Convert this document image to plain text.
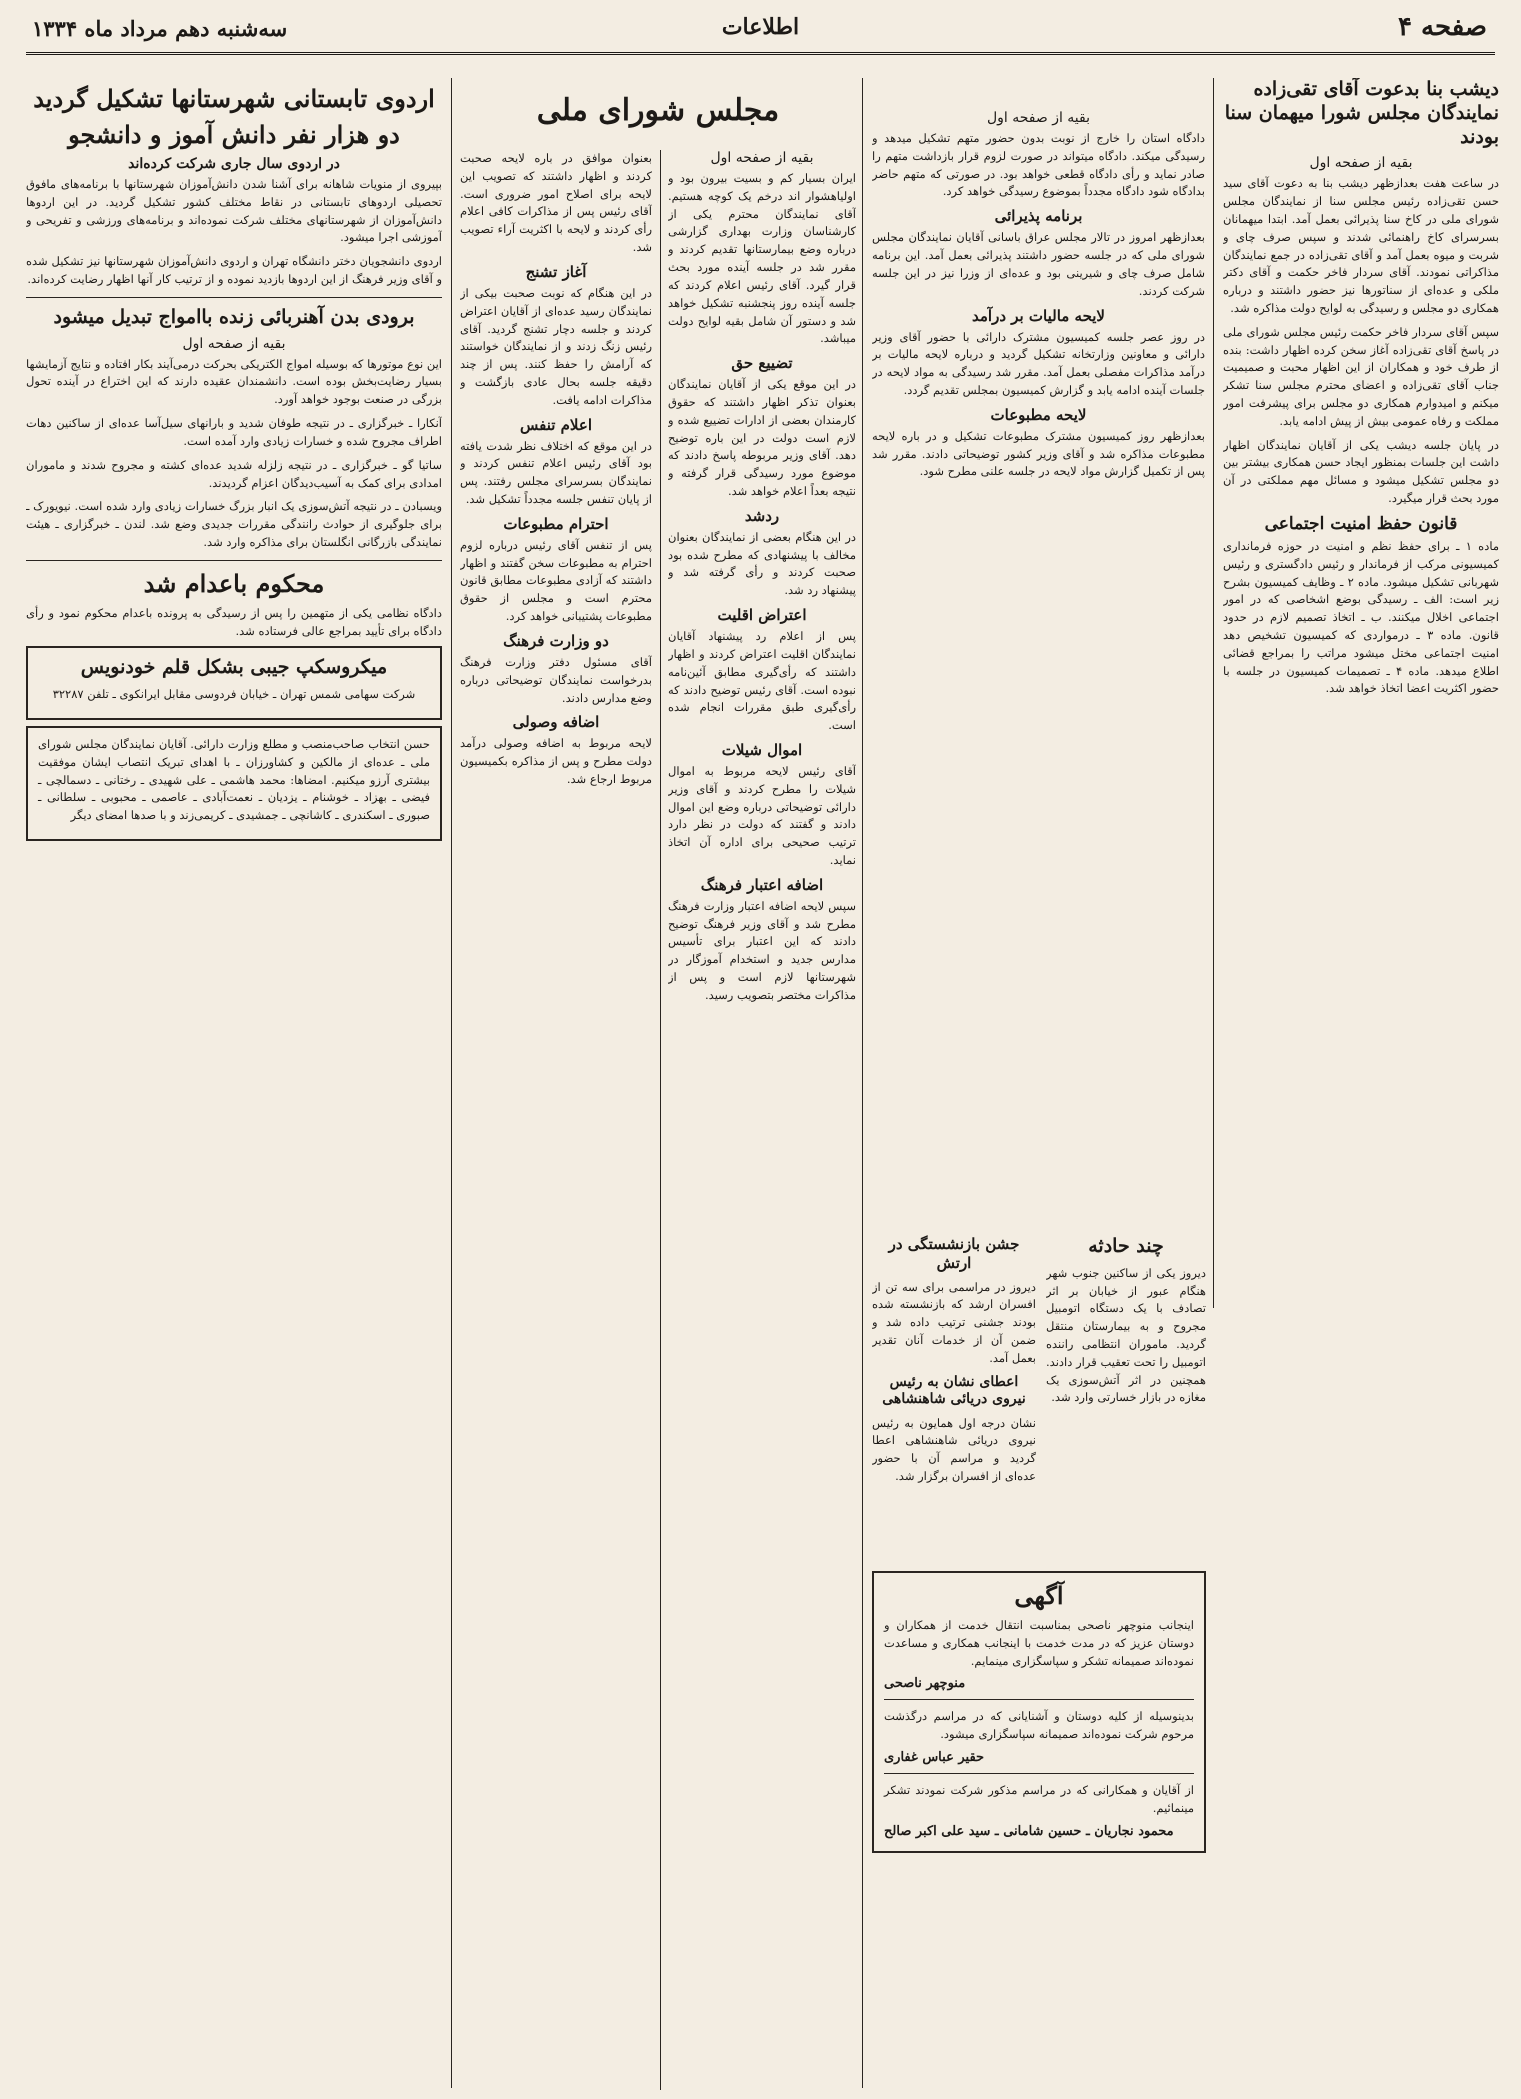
صفحه ۴
اطلاعات
سه‌شنبه دهم مرداد ماه ۱۳۳۴
دیشب بنا بدعوت آقای تقی‌زاده نمایندگان مجلس شورا میهمان سنا بودند
بقیه از صفحه اول
در ساعت هفت بعدازظهر دیشب بنا به دعوت آقای سید حسن تقی‌زاده رئیس مجلس سنا از نمایندگان مجلس شورای ملی در کاخ سنا پذیرائی بعمل آمد. ابتدا میهمانان بسرسرای کاخ راهنمائی شدند و سپس صرف چای و شربت و میوه بعمل آمد و آقای تقی‌زاده در جمع نمایندگان مذاکراتی نمودند. آقای سردار فاخر حکمت و آقای دکتر ملکی و عده‌ای از سناتورها نیز حضور داشتند و درباره همکاری دو مجلس و رسیدگی به لوایح دولت مذاکره شد.
سپس آقای سردار فاخر حکمت رئیس مجلس شورای ملی در پاسخ آقای تقی‌زاده آغاز سخن کرده اظهار داشت: بنده از طرف خود و همکاران از این اظهار محبت و صمیمیت جناب آقای تقی‌زاده و اعضای محترم مجلس سنا تشکر میکنم و امیدوارم همکاری دو مجلس برای پیشرفت امور مملکت و رفاه عمومی بیش از پیش ادامه یابد.
در پایان جلسه دیشب یکی از آقایان نمایندگان اظهار داشت این جلسات بمنظور ایجاد حسن همکاری بیشتر بین دو مجلس تشکیل میشود و مسائل مهم مملکتی در آن مورد بحث قرار میگیرد.
قانون حفظ امنیت اجتماعی
ماده ۱ ـ برای حفظ نظم و امنیت در حوزه فرمانداری کمیسیونی مرکب از فرماندار و رئیس دادگستری و رئیس شهربانی تشکیل میشود. ماده ۲ ـ وظایف کمیسیون بشرح زیر است: الف ـ رسیدگی بوضع اشخاصی که در امور اجتماعی اخلال میکنند. ب ـ اتخاذ تصمیم لازم در حدود قانون. ماده ۳ ـ درمواردی که کمیسیون تشخیص دهد امنیت اجتماعی مختل میشود مراتب را بمراجع قضائی اطلاع میدهد. ماده ۴ ـ تصمیمات کمیسیون در جلسه با حضور اکثریت اعضا اتخاذ خواهد شد.
بقیه از صفحه اول
دادگاه استان را خارج از نوبت بدون حضور متهم تشکیل میدهد و رسیدگی میکند. دادگاه میتواند در صورت لزوم قرار بازداشت متهم را صادر نماید و رأی دادگاه قطعی خواهد بود. در صورتی که متهم حاضر بدادگاه شود دادگاه مجدداً بموضوع رسیدگی خواهد کرد.
برنامه پذیرائی
بعدازظهر امروز در تالار مجلس عراق باسانی آقایان نمایندگان مجلس شورای ملی که در جلسه حضور داشتند پذیرائی بعمل آمد. این برنامه شامل صرف چای و شیرینی بود و عده‌ای از وزرا نیز در این جلسه شرکت کردند.
لایحه مالیات بر درآمد
در روز عصر جلسه کمیسیون مشترک دارائی با حضور آقای وزیر دارائی و معاونین وزارتخانه تشکیل گردید و درباره لایحه مالیات بر درآمد مذاکرات مفصلی بعمل آمد. مقرر شد رسیدگی به مواد لایحه در جلسات آینده ادامه یابد و گزارش کمیسیون بمجلس تقدیم گردد.
لایحه مطبوعات
بعدازظهر روز کمیسیون مشترک مطبوعات تشکیل و در باره لایحه مطبوعات مذاکره شد و آقای وزیر کشور توضیحاتی دادند. مقرر شد پس از تکمیل گزارش مواد لایحه در جلسه علنی مطرح شود.
چند حادثه
دیروز یکی از ساکنین جنوب شهر هنگام عبور از خیابان بر اثر تصادف با یک دستگاه اتومبیل مجروح و به بیمارستان منتقل گردید. ماموران انتظامی راننده اتومبیل را تحت تعقیب قرار دادند. همچنین در اثر آتش‌سوزی یک مغازه در بازار خسارتی وارد شد.
جشن بازنشستگی در ارتش
دیروز در مراسمی برای سه تن از افسران ارشد که بازنشسته شده بودند جشنی ترتیب داده شد و ضمن آن از خدمات آنان تقدیر بعمل آمد.
اعطای نشان به رئیس نیروی دریائی شاهنشاهی
نشان درجه اول همایون به رئیس نیروی دریائی شاهنشاهی اعطا گردید و مراسم آن با حضور عده‌ای از افسران برگزار شد.
آگهی
اینجانب منوچهر ناصحی بمناسبت انتقال خدمت از همکاران و دوستان عزیز که در مدت خدمت با اینجانب همکاری و مساعدت نموده‌اند صمیمانه تشکر و سپاسگزاری مینمایم.
منوچهر ناصحی
بدینوسیله از کلیه دوستان و آشنایانی که در مراسم درگذشت مرحوم شرکت نموده‌اند صمیمانه سپاسگزاری میشود.
حقیر عباس غفاری
از آقایان و همکارانی که در مراسم مذکور شرکت نمودند تشکر مینمائیم.
محمود نجاریان ـ حسین شامانی ـ سید علی اکبر صالح
مجلس شورای ملی
بقیه از صفحه اول
ایران بسیار کم و بسیت بیرون بود و اولیاهشوار اند درخم یک کوچه هستیم. آقای نمایندگان محترم یکی از کارشناسان وزارت بهداری گزارشی درباره وضع بیمارستانها تقدیم کردند و مقرر شد در جلسه آینده مورد بحث قرار گیرد. آقای رئیس اعلام کردند که جلسه آینده روز پنجشنبه تشکیل خواهد شد و دستور آن شامل بقیه لوایح دولت میباشد.
تضییع حق
در این موقع یکی از آقایان نمایندگان بعنوان تذکر اظهار داشتند که حقوق کارمندان بعضی از ادارات تضییع شده و لازم است دولت در این باره توضیح دهد. آقای وزیر مربوطه پاسخ دادند که موضوع مورد رسیدگی قرار گرفته و نتیجه بعداً اعلام خواهد شد.
ردشد
در این هنگام بعضی از نمایندگان بعنوان مخالف با پیشنهادی که مطرح شده بود صحبت کردند و رأی گرفته شد و پیشنهاد رد شد.
اعتراض اقلیت
پس از اعلام رد پیشنهاد آقایان نمایندگان اقلیت اعتراض کردند و اظهار داشتند که رأی‌گیری مطابق آئین‌نامه نبوده است. آقای رئیس توضیح دادند که رأی‌گیری طبق مقررات انجام شده است.
اموال شیلات
آقای رئیس لایحه مربوط به اموال شیلات را مطرح کردند و آقای وزیر دارائی توضیحاتی درباره وضع این اموال دادند و گفتند که دولت در نظر دارد ترتیب صحیحی برای اداره آن اتخاذ نماید.
اضافه اعتبار فرهنگ
سپس لایحه اضافه اعتبار وزارت فرهنگ مطرح شد و آقای وزیر فرهنگ توضیح دادند که این اعتبار برای تأسیس مدارس جدید و استخدام آموزگار در شهرستانها لازم است و پس از مذاکرات مختصر بتصویب رسید.
بعنوان موافق در باره لایحه صحبت کردند و اظهار داشتند که تصویب این لایحه برای اصلاح امور ضروری است. آقای رئیس پس از مذاکرات کافی اعلام رأی کردند و لایحه با اکثریت آراء تصویب شد.
آغاز تشنج
در این هنگام که نوبت صحبت بیکی از نمایندگان رسید عده‌ای از آقایان اعتراض کردند و جلسه دچار تشنج گردید. آقای رئیس زنگ زدند و از نمایندگان خواستند که آرامش را حفظ کنند. پس از چند دقیقه جلسه بحال عادی بازگشت و مذاکرات ادامه یافت.
اعلام تنفس
در این موقع که اختلاف نظر شدت یافته بود آقای رئیس اعلام تنفس کردند و نمایندگان بسرسرای مجلس رفتند. پس از پایان تنفس جلسه مجدداً تشکیل شد.
احترام مطبوعات
پس از تنفس آقای رئیس درباره لزوم احترام به مطبوعات سخن گفتند و اظهار داشتند که آزادی مطبوعات مطابق قانون محترم است و مجلس از حقوق مطبوعات پشتیبانی خواهد کرد.
دو وزارت فرهنگ
آقای مسئول دفتر وزارت فرهنگ بدرخواست نمایندگان توضیحاتی درباره وضع مدارس دادند.
اضافه وصولی
لایحه مربوط به اضافه وصولی درآمد دولت مطرح و پس از مذاکره بکمیسیون مربوط ارجاع شد.
اردوی تابستانی شهرستانها تشکیل گردید
دو هزار نفر دانش آموز و دانشجو
در اردوی سال جاری شرکت کرده‌اند
بپیروی از منویات شاهانه برای آشنا شدن دانش‌آموزان شهرستانها با برنامه‌های مافوق تحصیلی اردوهای تابستانی در نقاط مختلف کشور تشکیل گردید. در این اردوها دانش‌آموزان از شهرستانهای مختلف شرکت نموده‌اند و برنامه‌های ورزشی و تفریحی و آموزشی اجرا میشود.
اردوی دانشجویان دختر دانشگاه تهران و اردوی دانش‌آموزان شهرستانها نیز تشکیل شده و آقای وزیر فرهنگ از این اردوها بازدید نموده و از ترتیب کار آنها اظهار رضایت کرده‌اند.
برودی بدن آهنربائی زنده باامواج تبدیل میشود
بقیه از صفحه اول
این نوع موتورها که بوسیله امواج الکتریکی بحرکت درمی‌آیند بکار افتاده و نتایج آزمایشها بسیار رضایت‌بخش بوده است. دانشمندان عقیده دارند که این اختراع در آینده تحول بزرگی در صنعت بوجود خواهد آورد.
آنکارا ـ خبرگزاری ـ در نتیجه طوفان شدید و بارانهای سیل‌آسا عده‌ای از ساکنین دهات اطراف مجروح شده و خسارات زیادی وارد آمده است.
ساتیا گو ـ خبرگزاری ـ در نتیجه زلزله شدید عده‌ای کشته و مجروح شدند و ماموران امدادی برای کمک به آسیب‌دیدگان اعزام گردیدند.
ویسبادن ـ در نتیجه آتش‌سوزی یک انبار بزرگ خسارات زیادی وارد شده است. نیویورک ـ برای جلوگیری از حوادث رانندگی مقررات جدیدی وضع شد. لندن ـ خبرگزاری ـ هیئت نمایندگی بازرگانی انگلستان برای مذاکره وارد شد.
محکوم باعدام شد
دادگاه نظامی یکی از متهمین را پس از رسیدگی به پرونده باعدام محکوم نمود و رأی دادگاه برای تأیید بمراجع عالی فرستاده شد.
میکروسکپ جیبی بشکل قلم خودنویس
شرکت سهامی شمس تهران ـ خیابان فردوسی مقابل ایرانکوی ـ تلفن ۳۲۲۸۷
حسن انتخاب صاحب‌منصب و مطلع وزارت دارائی. آقایان نمایندگان مجلس شورای ملی ـ عده‌ای از مالکین و کشاورزان ـ با اهدای تبریک انتصاب ایشان موفقیت بیشتری آرزو میکنیم. امضاها: محمد هاشمی ـ علی شهیدی ـ رختانی ـ دسمالچی ـ فیضی ـ بهزاد ـ خوشنام ـ یزدیان ـ نعمت‌آبادی ـ عاصمی ـ محبوبی ـ سلطانی ـ صبوری ـ اسکندری ـ کاشانچی ـ جمشیدی ـ کریمی‌زند و با صدها امضای دیگر
